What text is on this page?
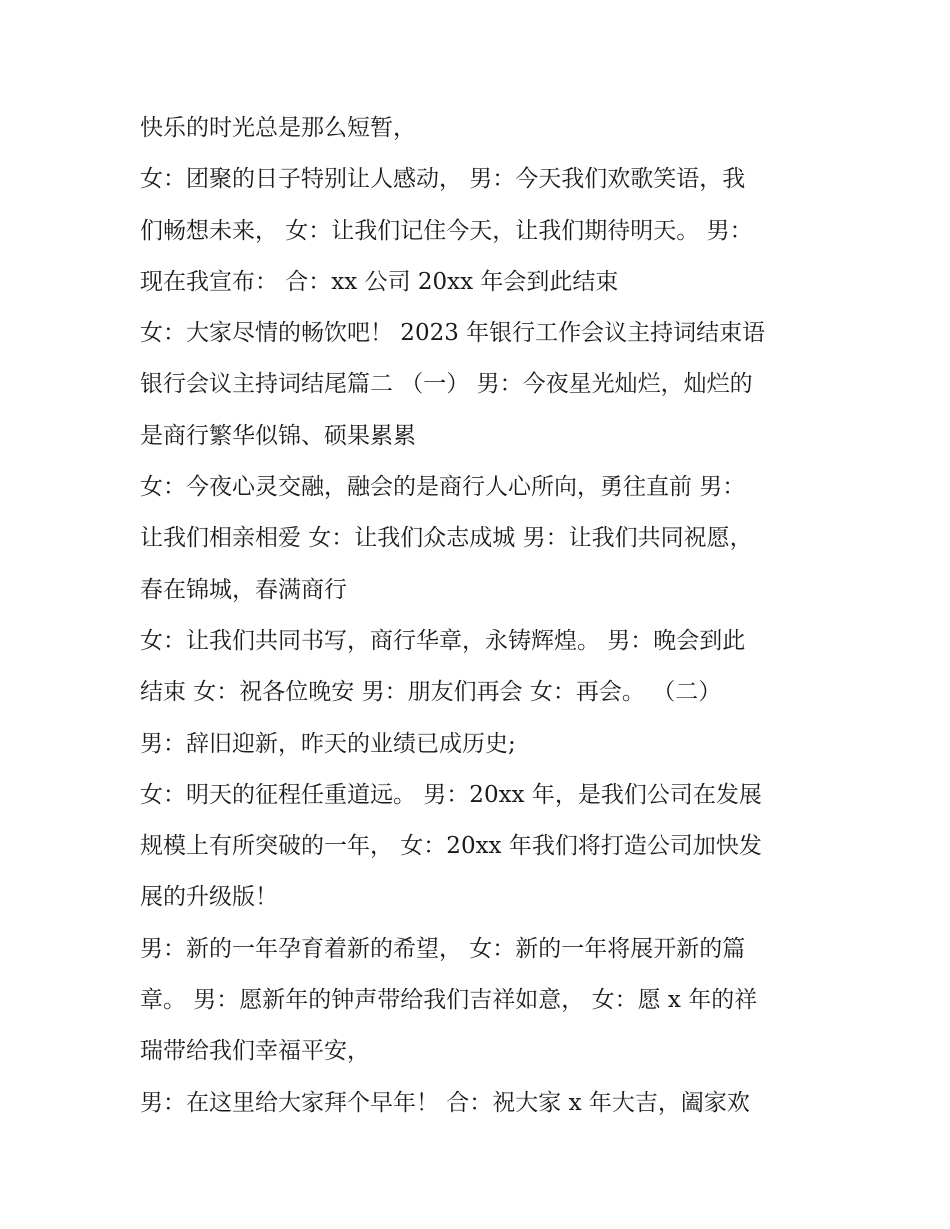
快乐的时光总是那么短暂，
女：团聚的日子特别让人感动， 男：今天我们欢歌笑语，我
们畅想未来， 女：让我们记住今天，让我们期待明天。 男：
现在我宣布： 合：xx 公司 20xx 年会到此结束
女：大家尽情的畅饮吧！ 2023 年银行工作会议主持词结束语
银行会议主持词结尾篇二 （一） 男：今夜星光灿烂，灿烂的
是商行繁华似锦、硕果累累
女：今夜心灵交融，融会的是商行人心所向，勇往直前 男：
让我们相亲相爱 女：让我们众志成城 男：让我们共同祝愿，
春在锦城，春满商行
女：让我们共同书写，商行华章，永铸辉煌。 男：晚会到此
结束 女：祝各位晚安 男：朋友们再会 女：再会。 （二）
男：辞旧迎新，昨天的业绩已成历史;
女：明天的征程任重道远。 男：20xx 年，是我们公司在发展
规模上有所突破的一年， 女：20xx 年我们将打造公司加快发
展的升级版！
男：新的一年孕育着新的希望， 女：新的一年将展开新的篇
章。 男：愿新年的钟声带给我们吉祥如意， 女：愿 x 年的祥
瑞带给我们幸福平安，
男：在这里给大家拜个早年！ 合：祝大家 x 年大吉，阖家欢
